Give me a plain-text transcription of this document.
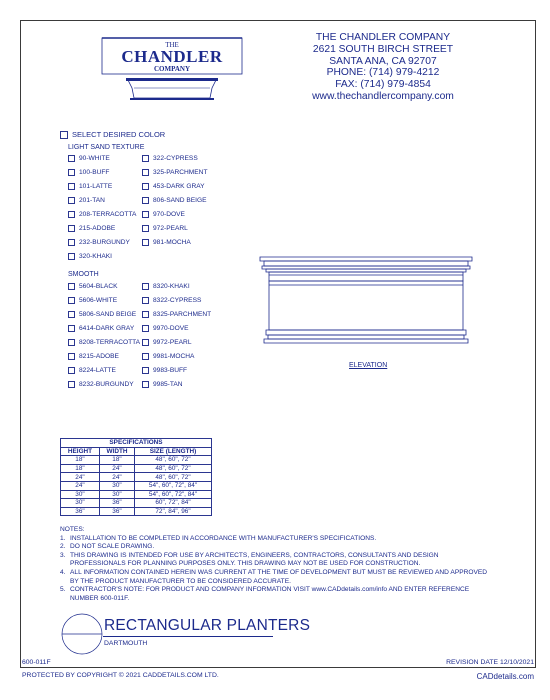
THE
CHANDLER
COMPANY
THE CHANDLER COMPANY
2621 SOUTH BIRCH STREET
SANTA ANA, CA 92707
PHONE: (714) 979-4212
FAX: (714) 979-4854
www.thechandlercompany.com
SELECT DESIRED COLOR
LIGHT SAND TEXTURE
90-WHITE
100-BUFF
101-LATTE
201-TAN
208-TERRACOTTA
215-ADOBE
232-BURGUNDY
320-KHAKI
322-CYPRESS
325-PARCHMENT
453-DARK GRAY
806-SAND BEIGE
970-DOVE
972-PEARL
981-MOCHA
SMOOTH
5604-BLACK
5606-WHITE
5806-SAND BEIGE
6414-DARK GRAY
8208-TERRACOTTA
8215-ADOBE
8224-LATTE
8232-BURGUNDY
8320-KHAKI
8322-CYPRESS
8325-PARCHMENT
9970-DOVE
9972-PEARL
9981-MOCHA
9983-BUFF
9985-TAN
ELEVATION
SPECIFICATIONS		
HEIGHT	WIDTH	SIZE (LENGTH)
18"	18"	48", 60", 72"
18"	24"	48", 60", 72"
24"	24"	48", 60", 72"
24"	30"	54", 60", 72", 84"
30"	30"	54", 60", 72", 84"
30"	36"	60", 72", 84"
36"	36"	72", 84", 96"
NOTES:
1. INSTALLATION TO BE COMPLETED IN ACCORDANCE WITH MANUFACTURER'S SPECIFICATIONS.
2. DO NOT SCALE DRAWING.
3. THIS DRAWING IS INTENDED FOR USE BY ARCHITECTS, ENGINEERS, CONTRACTORS, CONSULTANTS AND DESIGN PROFESSIONALS FOR PLANNING PURPOSES ONLY. THIS DRAWING MAY NOT BE USED FOR CONSTRUCTION.
4. ALL INFORMATION CONTAINED HEREIN WAS CURRENT AT THE TIME OF DEVELOPMENT BUT MUST BE REVIEWED AND APPROVED BY THE PRODUCT MANUFACTURER TO BE CONSIDERED ACCURATE.
5. CONTRACTOR'S NOTE: FOR PRODUCT AND COMPANY INFORMATION VISIT www.CADdetails.com/info AND ENTER REFERENCE NUMBER 600-011F.
RECTANGULAR PLANTERS
DARTMOUTH
600-011F	REVISION DATE 12/10/2021
PROTECTED BY COPYRIGHT © 2021 CADDETAILS.COM LTD.	CADdetails.com
